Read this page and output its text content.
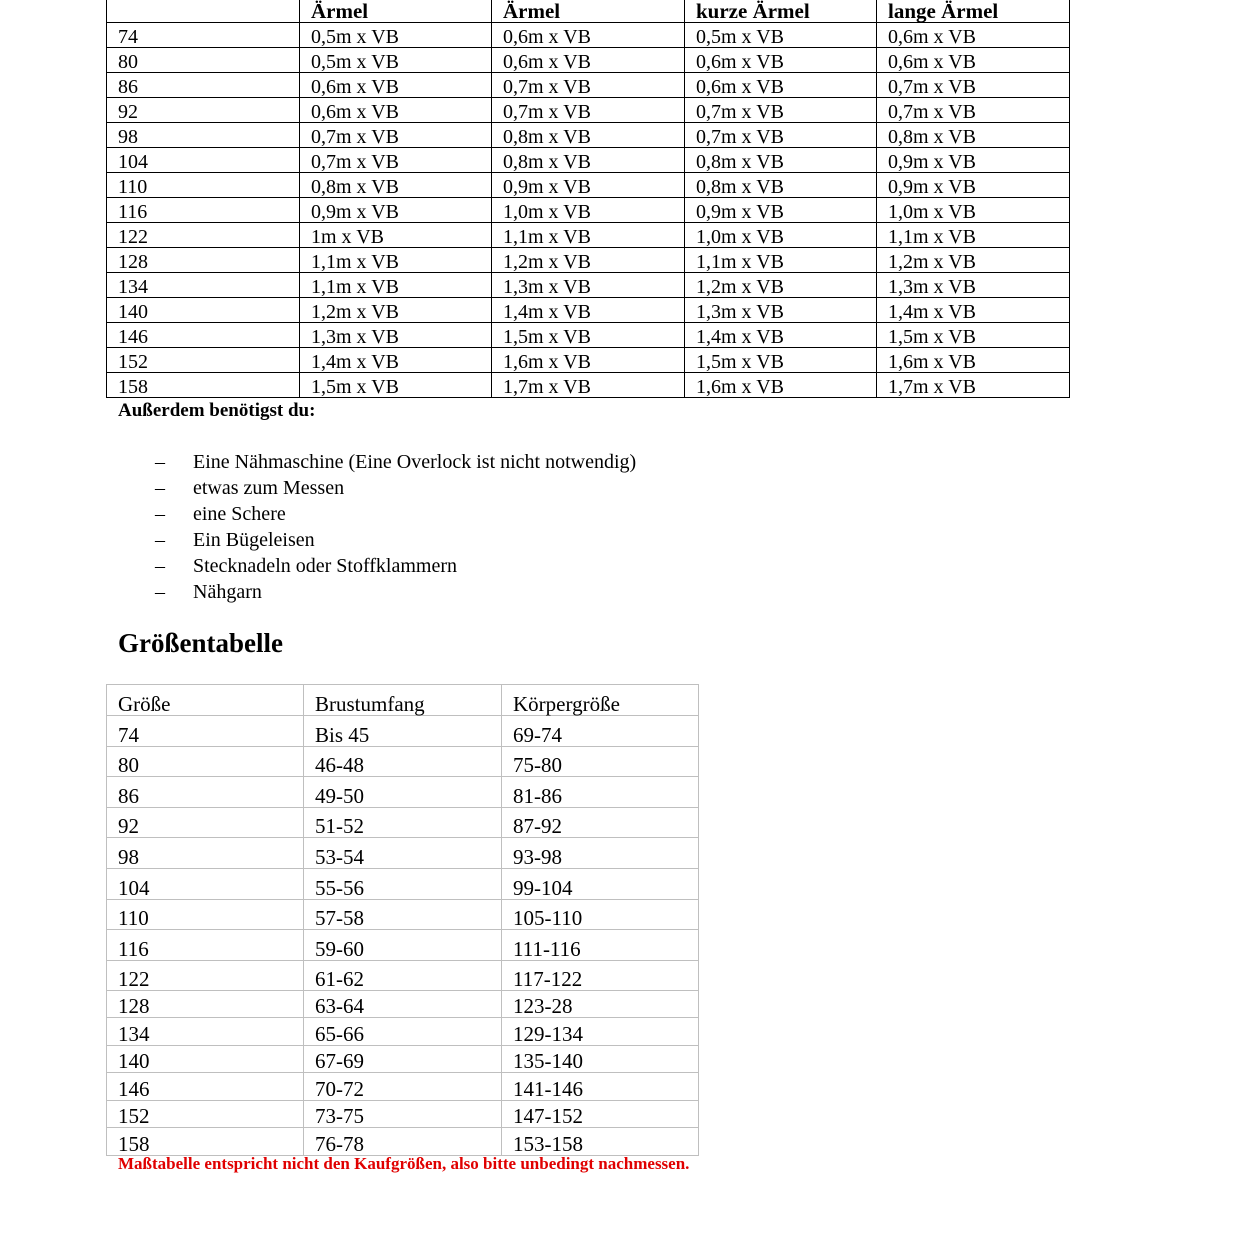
	Ärmel	Ärmel	kurze Ärmel	lange Ärmel
74	0,5m x VB	0,6m x VB	0,5m x VB	0,6m x VB
80	0,5m x VB	0,6m x VB	0,6m x VB	0,6m x VB
86	0,6m x VB	0,7m x VB	0,6m x VB	0,7m x VB
92	0,6m x VB	0,7m x VB	0,7m x VB	0,7m x VB
98	0,7m x VB	0,8m x VB	0,7m x VB	0,8m x VB
104	0,7m x VB	0,8m x VB	0,8m x VB	0,9m x VB
110	0,8m x VB	0,9m x VB	0,8m x VB	0,9m x VB
116	0,9m x VB	1,0m x VB	0,9m x VB	1,0m x VB
122	1m x VB	1,1m x VB	1,0m x VB	1,1m x VB
128	1,1m x VB	1,2m x VB	1,1m x VB	1,2m x VB
134	1,1m x VB	1,3m x VB	1,2m x VB	1,3m x VB
140	1,2m x VB	1,4m x VB	1,3m x VB	1,4m x VB
146	1,3m x VB	1,5m x VB	1,4m x VB	1,5m x VB
152	1,4m x VB	1,6m x VB	1,5m x VB	1,6m x VB
158	1,5m x VB	1,7m x VB	1,6m x VB	1,7m x VB

Außerdem benötigst du:

–	Eine Nähmaschine (Eine Overlock ist nicht notwendig)
–	etwas zum Messen
–	eine Schere
–	Ein Bügeleisen
–	Stecknadeln oder Stoffklammern
–	Nähgarn
Größentabelle
Größe	Brustumfang	Körpergröße
74	Bis 45	69-74
80	46-48	75-80
86	49-50	81-86
92	51-52	87-92
98	53-54	93-98
104	55-56	99-104
110	57-58	105-110
116	59-60	111-116
122	61-62	117-122
128	63-64	123-28
134	65-66	129-134
140	67-69	135-140
146	70-72	141-146
152	73-75	147-152
158	76-78	153-158

Maßtabelle entspricht nicht den Kaufgrößen, also bitte unbedingt nachmessen.
